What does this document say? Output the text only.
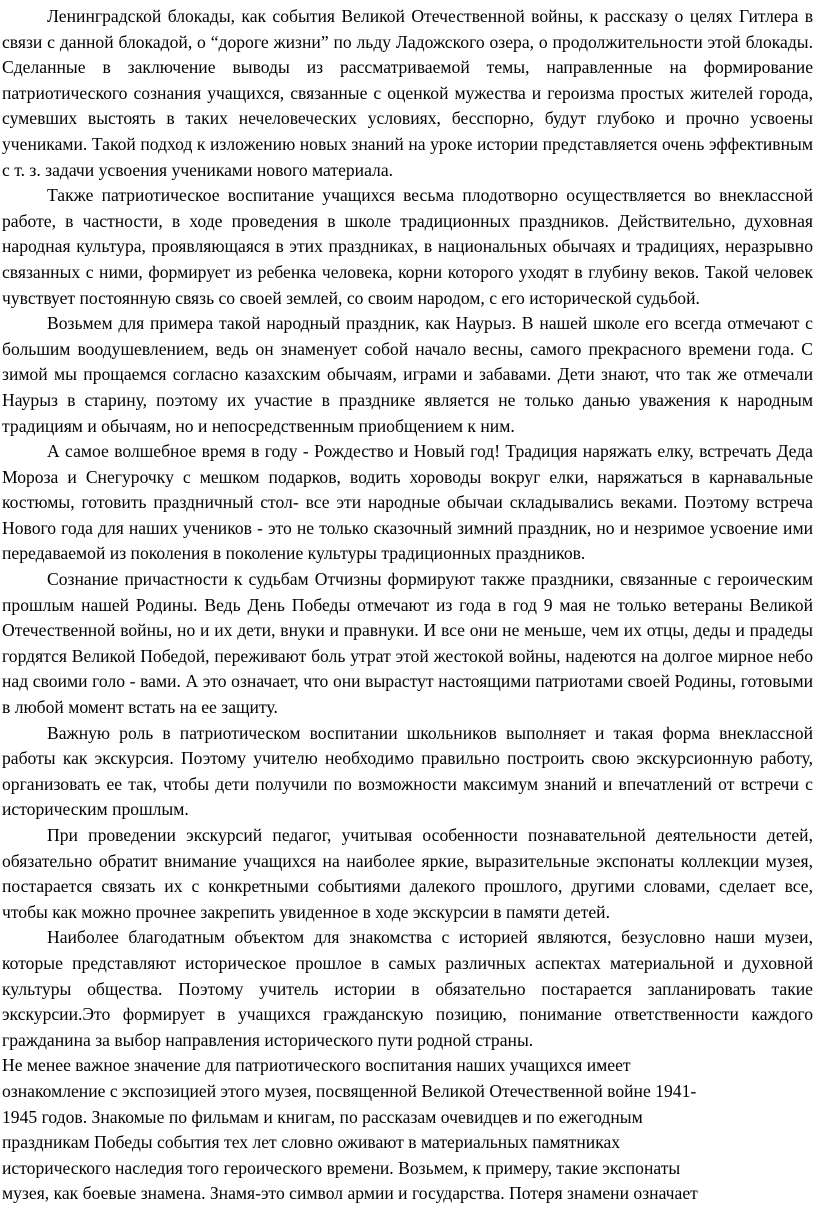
Ленинградской блокады, как события Великой Отечественной войны, к рассказу о целях Гитлера в связи с данной блокадой, о “дороге жизни” по льду Ладожского озера, о продолжительности этой блокады. Сделанные в заключение выводы из рассматриваемой темы, направленные на формирование патриотического сознания учащихся, связанные с оценкой мужества и героизма простых жителей города, сумевших выстоять в таких нечеловеческих условиях, бесспорно, будут глубоко и прочно усвоены учениками. Такой подход к изложению новых знаний на уроке истории представляется очень эффективным с т. з. задачи усвоения учениками нового материала.

Также патриотическое воспитание учащихся весьма плодотворно осуществляется во внеклассной работе, в частности, в ходе проведения в школе традиционных праздников. Действительно, духовная народная культура, проявляющаяся в этих праздниках, в национальных обычаях и традициях, неразрывно связанных с ними, формирует из ребенка человека, корни которого уходят в глубину веков. Такой человек чувствует постоянную связь со своей землей, со своим народом, с его исторической судьбой.

Возьмем для примера такой народный праздник, как Наурыз. В нашей школе его всегда отмечают с большим воодушевлением, ведь он знаменует собой начало весны, самого прекрасного времени года. С зимой мы прощаемся согласно казахским обычаям, играми и забавами. Дети знают, что так же отмечали Наурыз в старину, поэтому их участие в празднике является не только данью уважения к народным традициям и обычаям, но и непосредственным приобщением к ним.

А самое волшебное время в году - Рождество и Новый год! Традиция наряжать елку, встречать Деда Мороза и Снегурочку с мешком подарков, водить хороводы вокруг елки, наряжаться в карнавальные костюмы, готовить праздничный стол- все эти народные обычаи складывались веками. Поэтому встреча Нового года для наших учеников - это не только сказочный зимний праздник, но и незримое усвоение ими передаваемой из поколения в поколение культуры традиционных праздников.

Сознание причастности к судьбам Отчизны формируют также праздники, связанные с героическим прошлым нашей Родины. Ведь День Победы отмечают из года в год 9 мая не только ветераны Великой Отечественной войны, но и их дети, внуки и правнуки. И все они не меньше, чем их отцы, деды и прадеды гордятся Великой Победой, переживают боль утрат этой жестокой войны, надеются на долгое мирное небо над своими голо - вами. А это означает, что они вырастут настоящими патриотами своей Родины, готовыми в любой момент встать на ее защиту.

Важную роль в патриотическом воспитании школьников выполняет и такая форма внеклассной работы как экскурсия. Поэтому учителю необходимо правильно построить свою экскурсионную работу, организовать ее так, чтобы дети получили по возможности максимум знаний и впечатлений от встречи с историческим прошлым.

При проведении экскурсий педагог, учитывая особенности познавательной деятельности детей, обязательно обратит внимание учащихся на наиболее яркие, выразительные экспонаты коллекции музея, постарается связать их с конкретными событиями далекого прошлого, другими словами, сделает все, чтобы как можно прочнее закрепить увиденное в ходе экскурсии в памяти детей.

Наиболее благодатным объектом для знакомства с историей являются, безусловно наши музеи, которые представляют историческое прошлое в самых различных аспектах материальной и духовной культуры общества. Поэтому учитель истории в обязательно постарается запланировать такие экскурсии.Это формирует в учащихся гражданскую позицию, понимание ответственности каждого гражданина за выбор направления исторического пути родной страны.

Не менее важное значение для патриотического воспитания наших учащихся имеет
ознакомление с экспозицией этого музея, посвященной Великой Отечественной войне 1941-
1945 годов. Знакомые по фильмам и книгам, по рассказам очевидцев и по ежегодным
праздникам Победы события тех лет словно оживают в материальных памятниках
исторического наследия того героического времени. Возьмем, к примеру, такие экспонаты
музея, как боевые знамена. Знамя-это символ армии и государства. Потеря знамени означает
